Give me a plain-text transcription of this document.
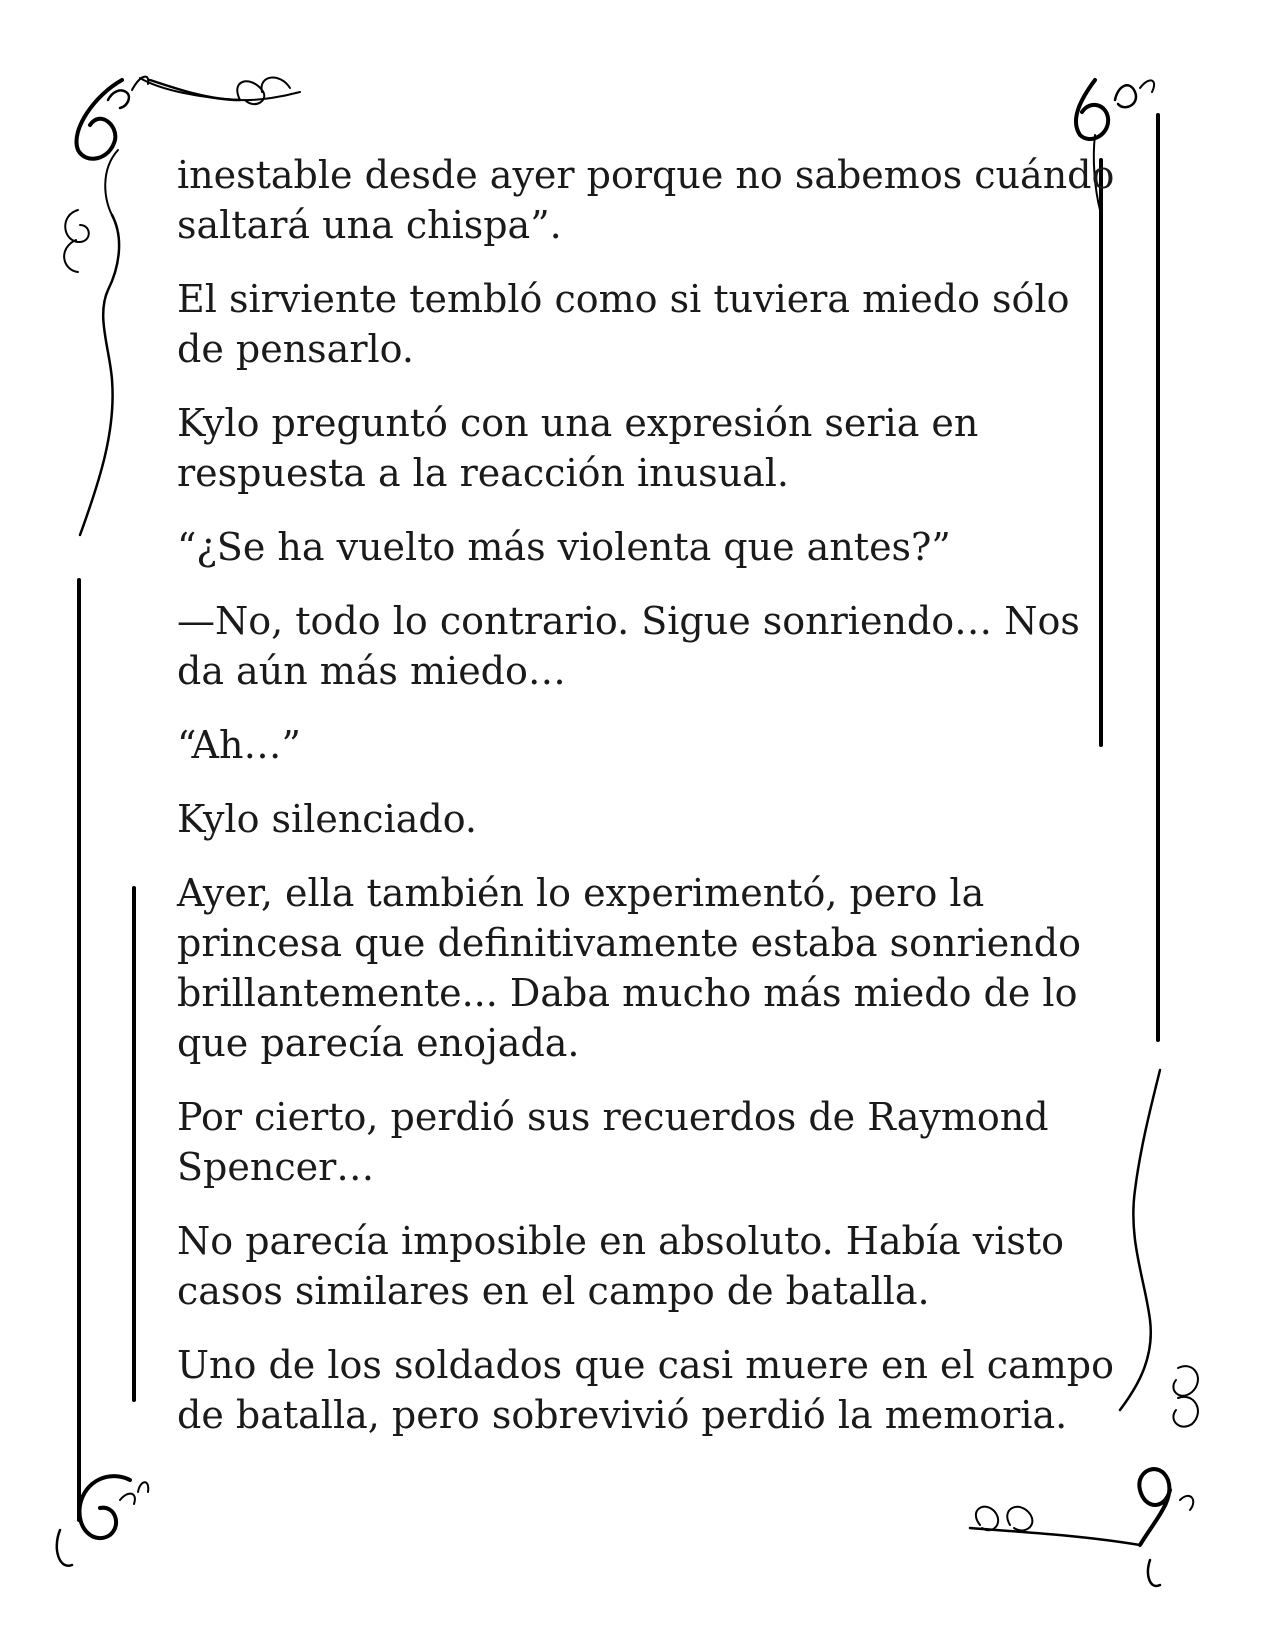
inestable desde ayer porque no sabemos cuándo
saltará una chispa”.

El sirviente tembló como si tuviera miedo sólo
de pensarlo.

Kylo preguntó con una expresión seria en
respuesta a la reacción inusual.

“¿Se ha vuelto más violenta que antes?”

—No, todo lo contrario. Sigue sonriendo… Nos
da aún más miedo…

“Ah…”

Kylo silenciado.

Ayer, ella también lo experimentó, pero la
princesa que definitivamente estaba sonriendo
brillantemente... Daba mucho más miedo de lo
que parecía enojada.

Por cierto, perdió sus recuerdos de Raymond
Spencer…

No parecía imposible en absoluto. Había visto
casos similares en el campo de batalla.

Uno de los soldados que casi muere en el campo
de batalla, pero sobrevivió perdió la memoria.
